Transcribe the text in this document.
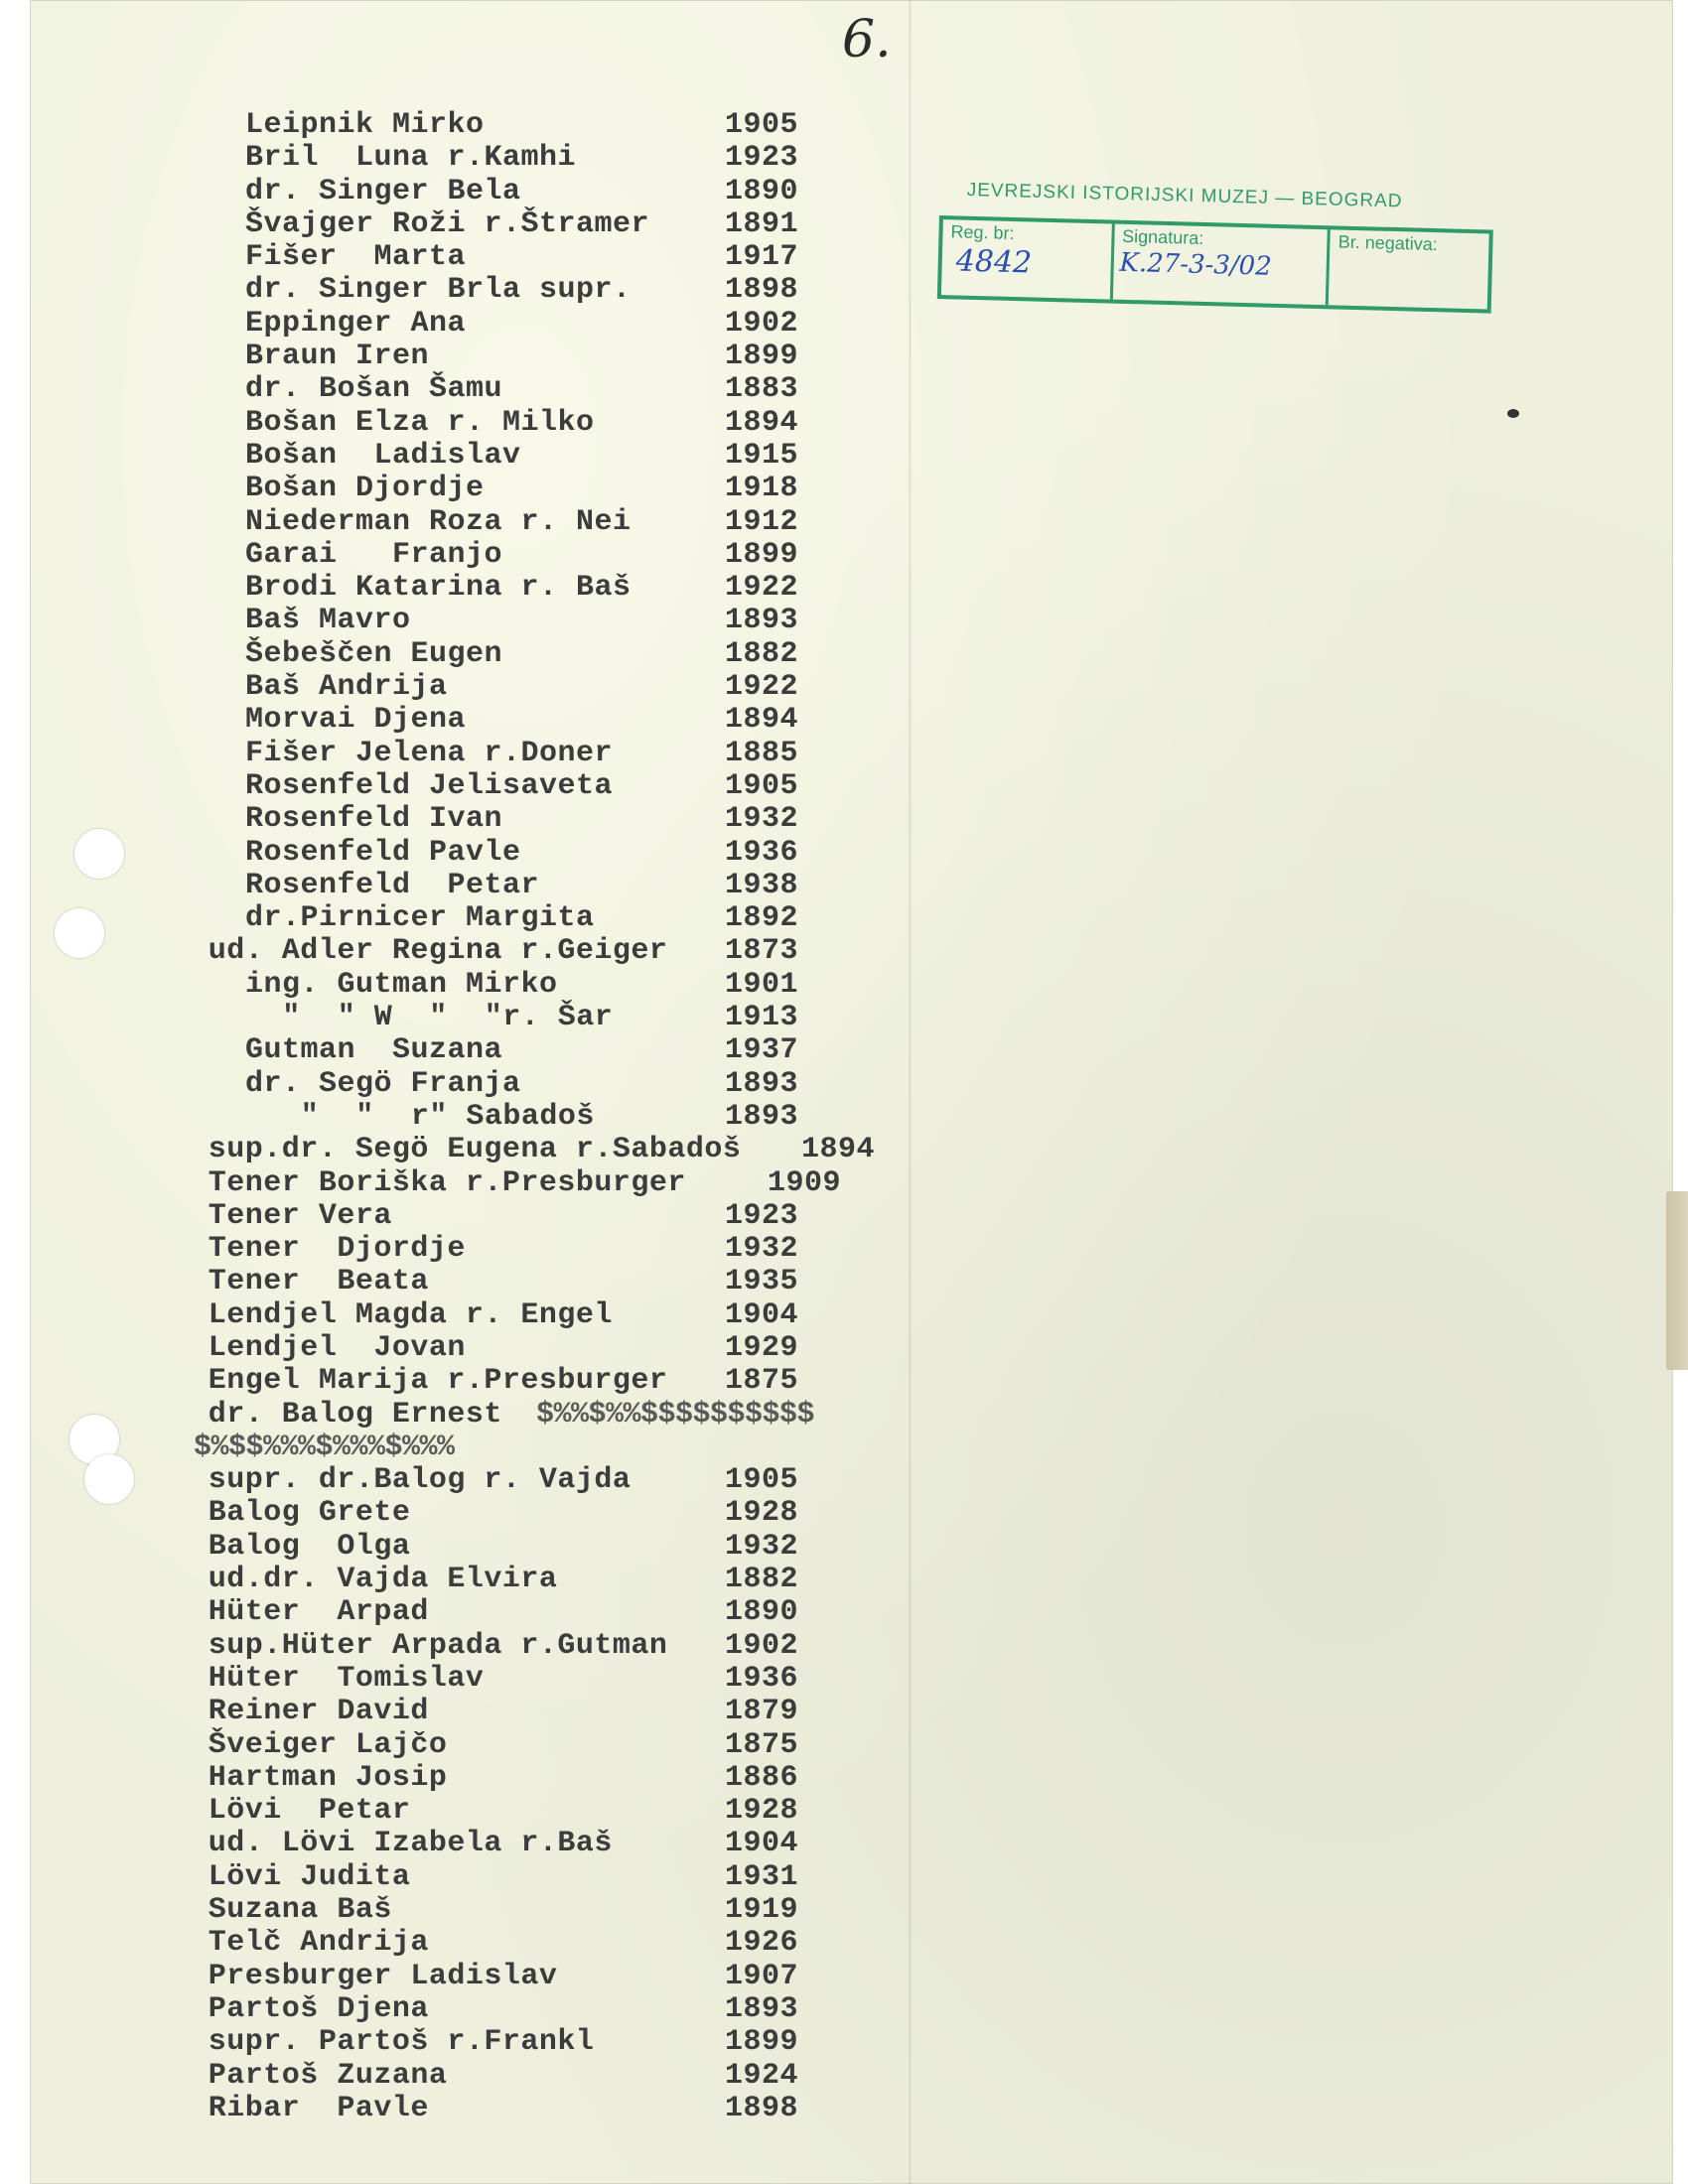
6.
JEVREJSKI ISTORIJSKI MUZEJ — BEOGRAD
Reg. br:
4842
Signatura:
K.27-3-3/02
Br. negativa:
Leipnik Mirko	1905
Bril  Luna r.Kamhi	1923
dr. Singer Bela	1890
Švajger Roži r.Štramer	1891
Fišer  Marta	1917
dr. Singer Brla supr.	1898
Eppinger Ana	1902
Braun Iren	1899
dr. Bošan Šamu	1883
Bošan Elza r. Milko	1894
Bošan  Ladislav	1915
Bošan Djordje	1918
Niederman Roza r. Nei	1912
Garai   Franjo	1899
Brodi Katarina r. Baš	1922
Baš Mavro	1893
Šebeščen Eugen	1882
Baš Andrija	1922
Morvai Djena	1894
Fišer Jelena r.Doner	1885
Rosenfeld Jelisaveta	1905
Rosenfeld Ivan	1932
Rosenfeld Pavle	1936
Rosenfeld  Petar	1938
dr.Pirnicer Margita	1892
ud. Adler Regina r.Geiger 1873
ing. Gutman Mirko	1901
"  " W  "  "r. Šar	1913
Gutman  Suzana	1937
dr. Segö Franja	1893
"  "  r" Sabadoš	1893
sup.dr. Segö Eugena r.Sabadoš 1894
Tener Boriška r.Presburger	1909
Tener Vera	1923
Tener  Djordje	1932
Tener  Beata	1935
Lendjel Magda r. Engel	1904
Lendjel  Jovan	1929
Engel Marija r.Presburger 1875
dr. Balog Ernest $%%$%%$$$$$$$$$$
$%$$%%%$%%%$%%%
supr. dr.Balog r. Vajda	1905
Balog Grete	1928
Balog  Olga	1932
ud.dr. Vajda Elvira	1882
Hüter  Arpad	1890
sup.Hüter Arpada r.Gutman 1902
Hüter  Tomislav	1936
Reiner David	1879
Šveiger Lajčo	1875
Hartman Josip	1886
Lövi  Petar	1928
ud. Lövi Izabela r.Baš	1904
Lövi Judita	1931
Suzana Baš	1919
Telč Andrija	1926
Presburger Ladislav	1907
Partoš Djena	1893
supr. Partoš r.Frankl	1899
Partoš Zuzana	1924
Ribar  Pavle	1898
